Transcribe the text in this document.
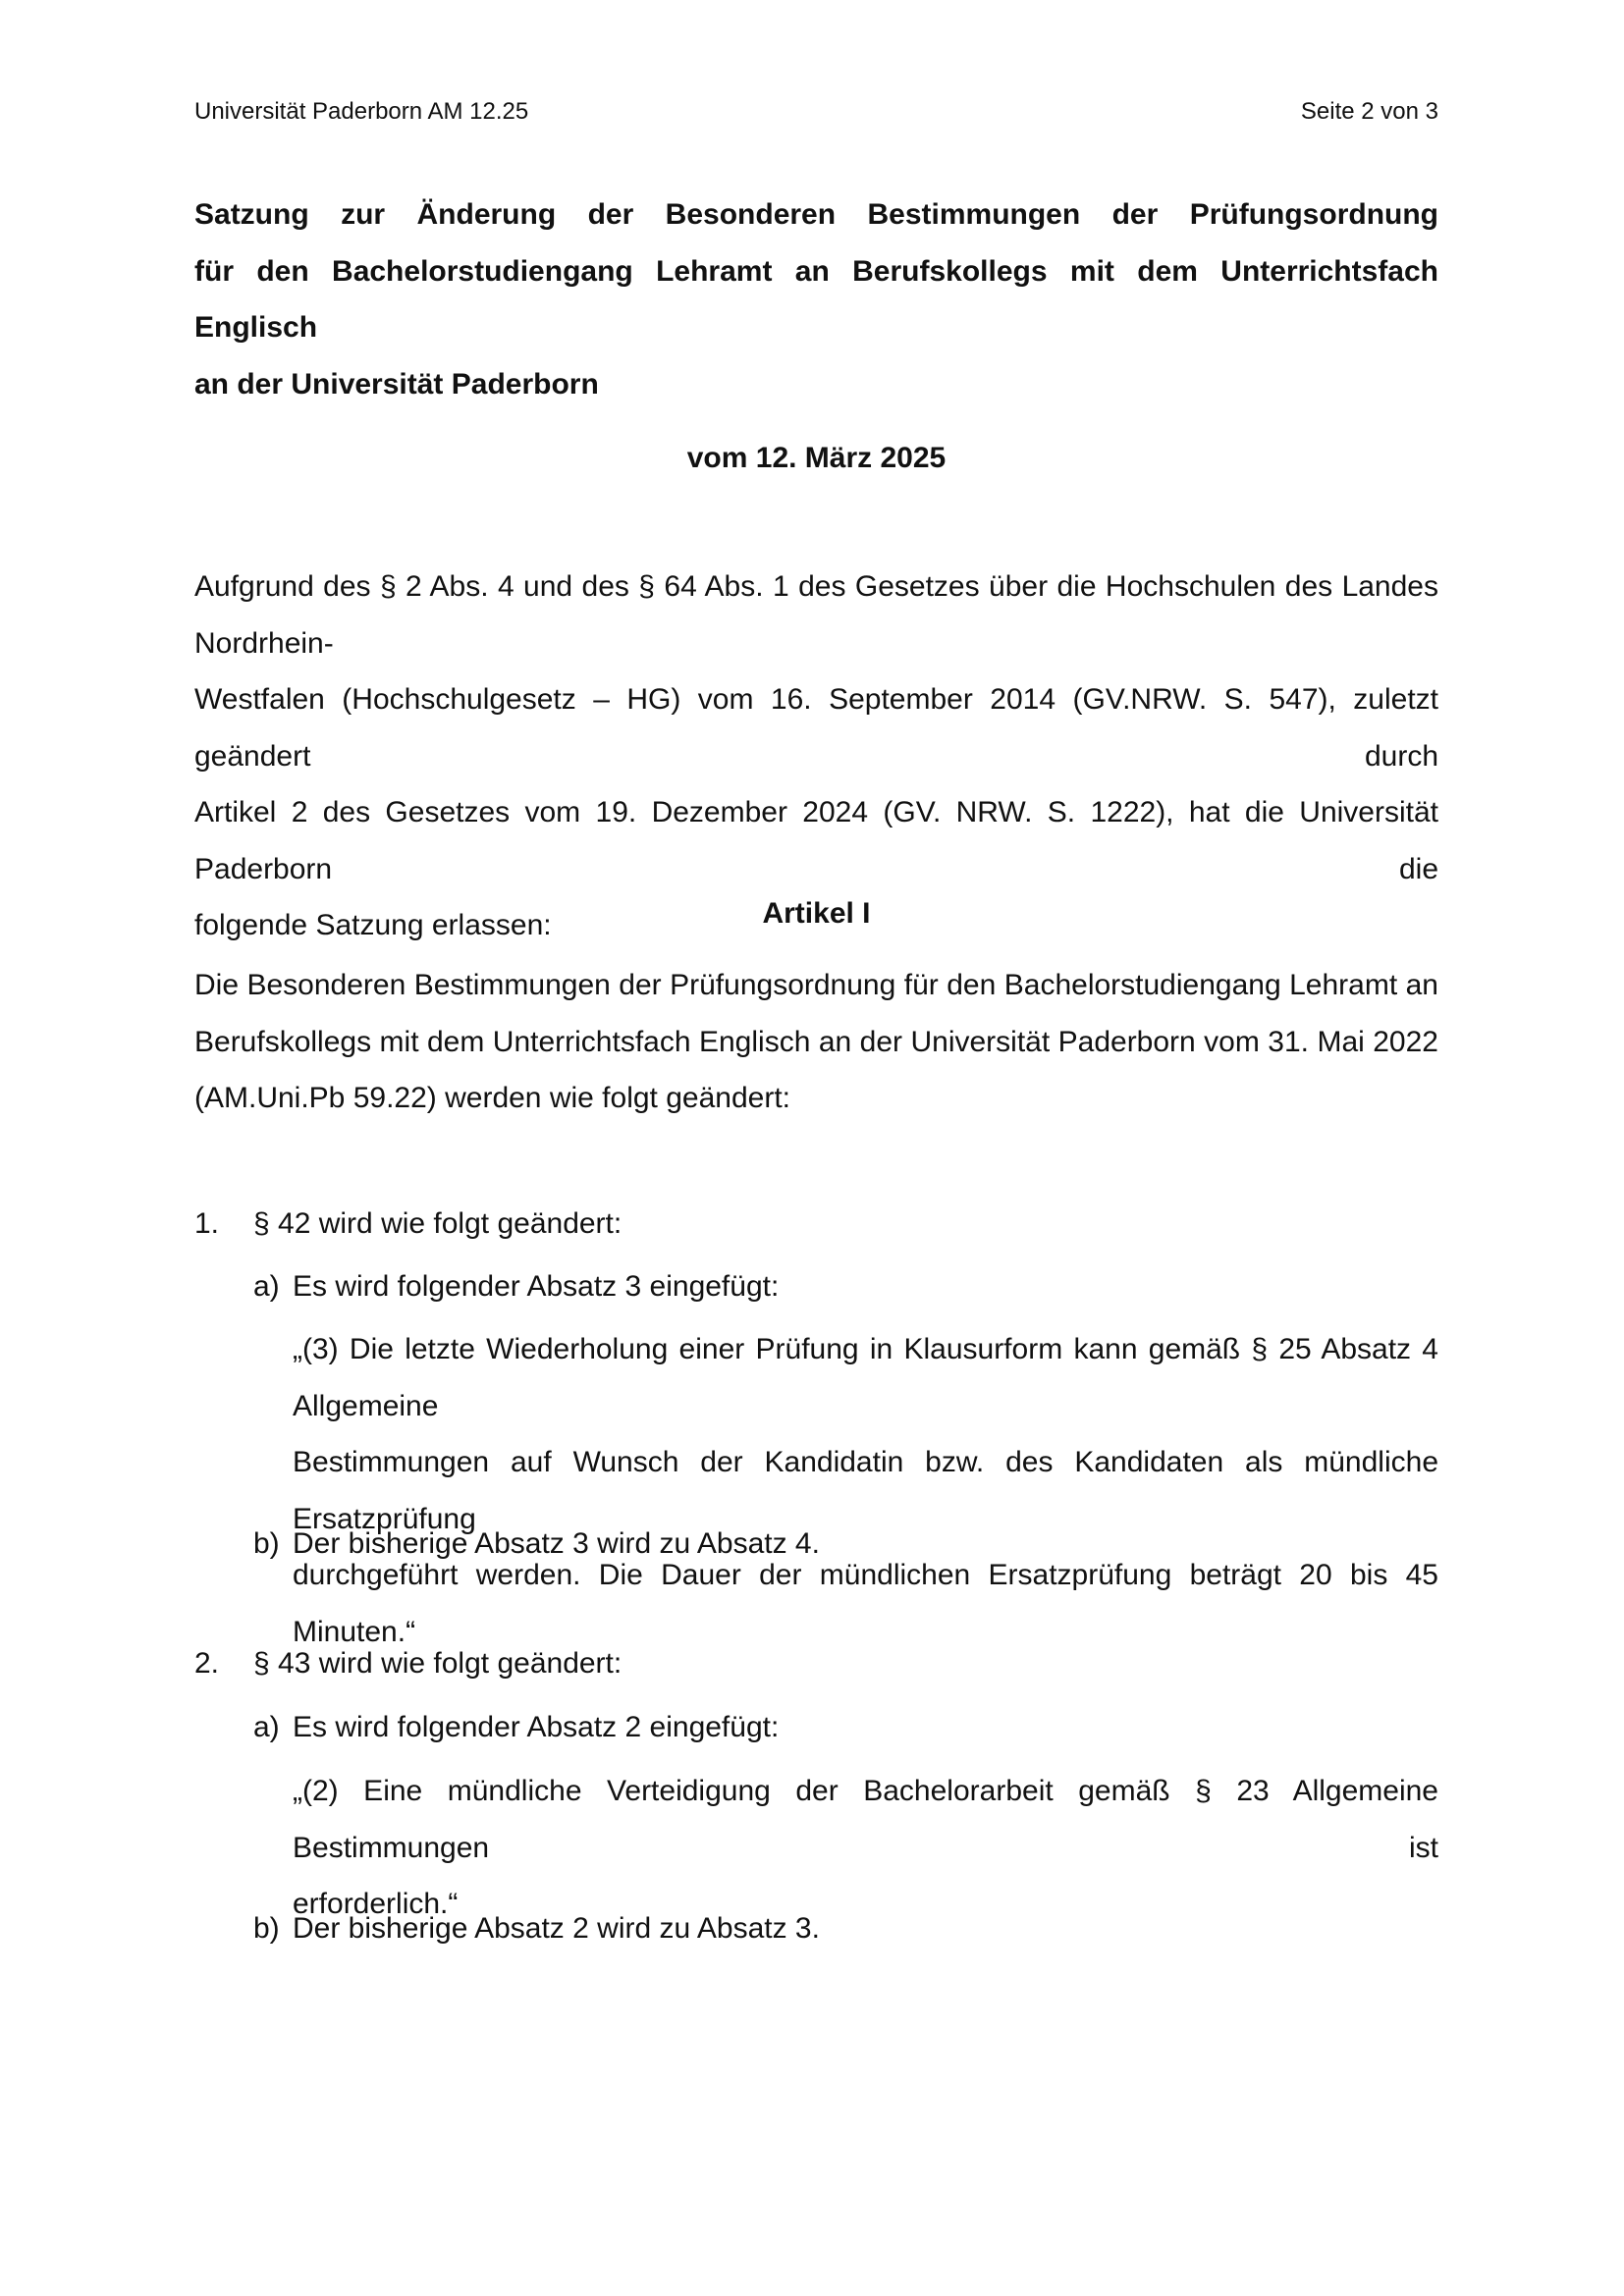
Universität Paderborn AM 12.25	Seite 2 von 3
Satzung zur Änderung der Besonderen Bestimmungen der Prüfungsordnung
für den Bachelorstudiengang Lehramt an Berufskollegs mit dem Unterrichtsfach Englisch
an der Universität Paderborn
vom 12. März 2025
Aufgrund des § 2 Abs. 4 und des § 64 Abs. 1 des Gesetzes über die Hochschulen des Landes Nordrhein-
Westfalen (Hochschulgesetz – HG) vom 16. September 2014 (GV.NRW. S. 547), zuletzt geändert durch
Artikel 2 des Gesetzes vom 19. Dezember 2024 (GV. NRW. S. 1222), hat die Universität Paderborn die
folgende Satzung erlassen:	Artikel I
Die Besonderen Bestimmungen der Prüfungsordnung für den Bachelorstudiengang Lehramt an
Berufskollegs mit dem Unterrichtsfach Englisch an der Universität Paderborn vom 31. Mai 2022
(AM.Uni.Pb 59.22) werden wie folgt geändert:
1. § 42 wird wie folgt geändert:
a) Es wird folgender Absatz 3 eingefügt:
„(3) Die letzte Wiederholung einer Prüfung in Klausurform kann gemäß § 25 Absatz 4 Allgemeine
Bestimmungen auf Wunsch der Kandidatin bzw. des Kandidaten als mündliche Ersatzprüfung
durchgeführt werden. Die Dauer der mündlichen Ersatzprüfung beträgt 20 bis 45 Minuten.“
b) Der bisherige Absatz 3 wird zu Absatz 4.
2. § 43 wird wie folgt geändert:
a) Es wird folgender Absatz 2 eingefügt:
„(2) Eine mündliche Verteidigung der Bachelorarbeit gemäß § 23 Allgemeine Bestimmungen ist
erforderlich.“
b) Der bisherige Absatz 2 wird zu Absatz 3.
